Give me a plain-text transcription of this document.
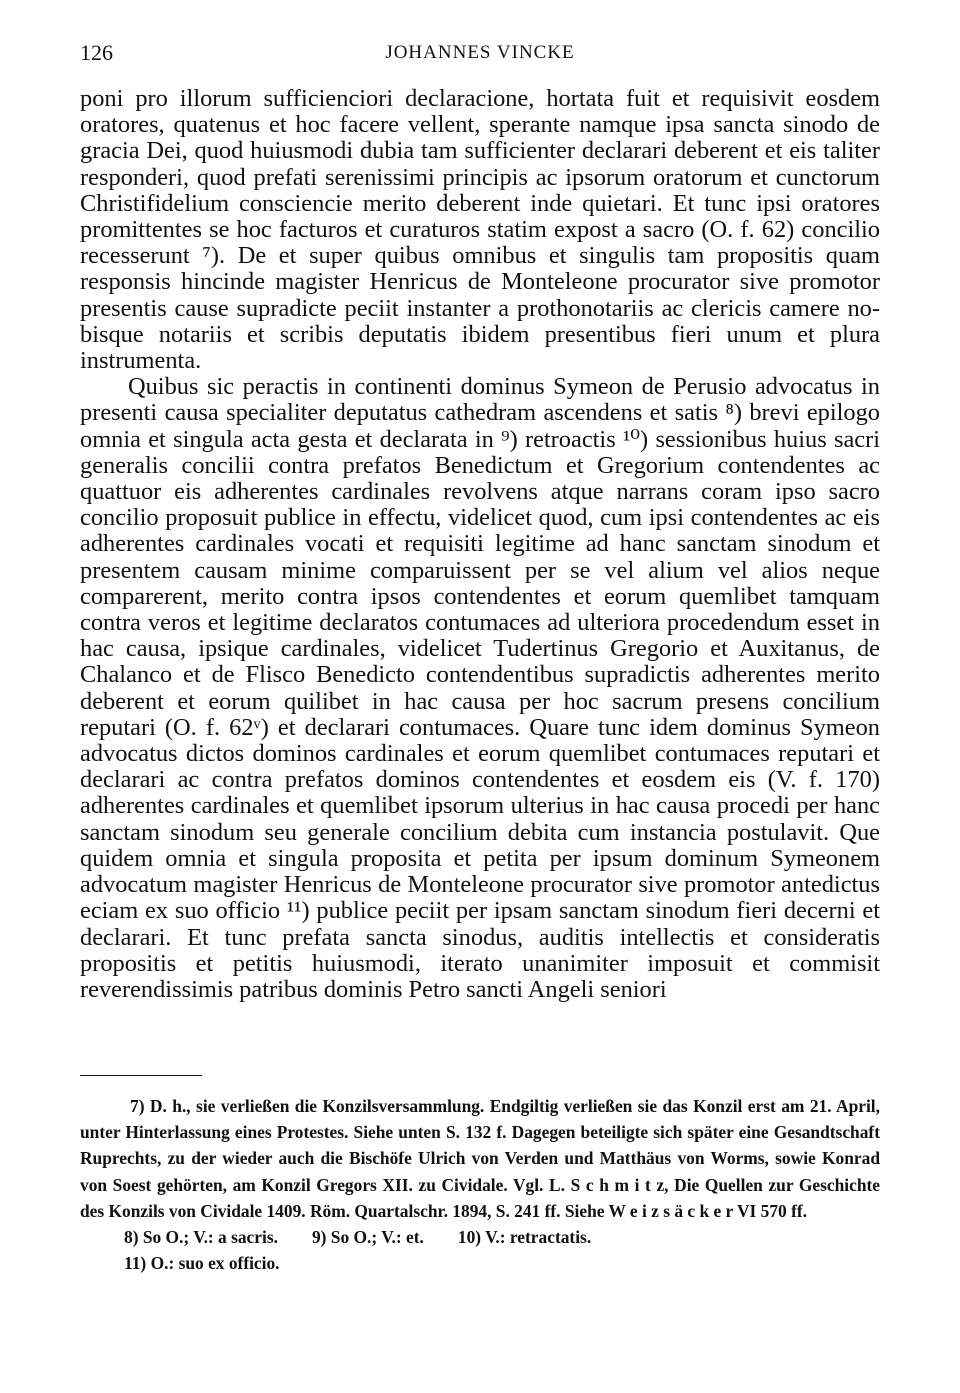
126	JOHANNES VINCKE

poni pro illorum sufficienciori declaracione, hortata fuit et requisivit eosdem oratores, quatenus et hoc facere vellent, sperante namque ipsa sancta sinodo de gracia Dei, quod huiusmodi dubia tam sufficienter declarari deberent et eis taliter responderi, quod prefati serenissimi principis ac ipsorum oratorum et cunctorum Christifidelium consciencie merito deberent inde quietari. Et tunc ipsi oratores promittentes se hoc facturos et curaturos statim expost a sacro (O. f. 62) concilio recesserunt ⁷). De et super quibus omnibus et singulis tam propositis quam responsis hincinde magister Henricus de Monteleone procurator sive promotor presentis cause supradicte peciit instanter a prothonotariis ac clericis camere nobisque notariis et scribis deputatis ibidem presentibus fieri unum et plura instrumenta.

Quibus sic peractis in continenti dominus Symeon de Perusio advocatus in presenti causa specialiter deputatus cathedram ascendens et satis ⁸) brevi epilogo omnia et singula acta gesta et declarata in ⁹) retroactis ¹⁰) sessionibus huius sacri generalis concilii contra prefatos Benedictum et Gregorium contendentes ac quattuor eis adherentes cardinales revolvens atque narrans coram ipso sacro concilio proposuit publice in effectu, videlicet quod, cum ipsi contendentes ac eis adherentes cardinales vocati et requisiti legitime ad hanc sanctam sinodum et presentem causam minime comparuissent per se vel alium vel alios neque comparerent, merito contra ipsos contendentes et eorum quemlibet tamquam contra veros et legitime declaratos contumaces ad ulteriora procedendum esset in hac causa, ipsique cardinales, videlicet Tudertinus Gregorio et Auxitanus, de Chalanco et de Flisco Benedicto contendentibus supradictis adherentes merito deberent et eorum quilibet in hac causa per hoc sacrum presens concilium reputari (O. f. 62ᵛ) et declarari contumaces. Quare tunc idem dominus Symeon advocatus dictos dominos cardinales et eorum quemlibet contumaces reputari et declarari ac contra prefatos dominos contendentes et eosdem eis (V. f. 170) adherentes cardinales et quemlibet ipsorum ulterius in hac causa procedi per hanc sanctam sinodum seu generale concilium debita cum instancia postulavit. Que quidem omnia et singula proposita et petita per ipsum dominum Symeonem advocatum magister Henricus de Monteleone procurator sive promotor antedictus eciam ex suo officio ¹¹) publice peciit per ipsam sanctam sinodum fieri decerni et declarari. Et tunc prefata sancta sinodus, auditis intellectis et consideratis propositis et petitis huiusmodi, iterato unanimiter imposuit et commisit reverendissimis patribus dominis Petro sancti Angeli seniori

7) D. h., sie verließen die Konzilsversammlung. Endgiltig verließen sie das Konzil erst am 21. April, unter Hinterlassung eines Protestes. Siehe unten S. 132 f. Dagegen beteiligte sich später eine Gesandtschaft Ruprechts, zu der wieder auch die Bischöfe Ulrich von Verden und Matthäus von Worms, sowie Konrad von Soest gehörten, am Konzil Gregors XII. zu Cividale. Vgl. L. S c h m i t z, Die Quellen zur Geschichte des Konzils von Cividale 1409. Röm. Quartalschr. 1894, S. 241 ff. Siehe W e i z s ä c k e r VI 570 ff.

8) So O.; V.: a sacris. 9) So O.; V.: et. 10) V.: retractatis.
11) O.: suo ex officio.
